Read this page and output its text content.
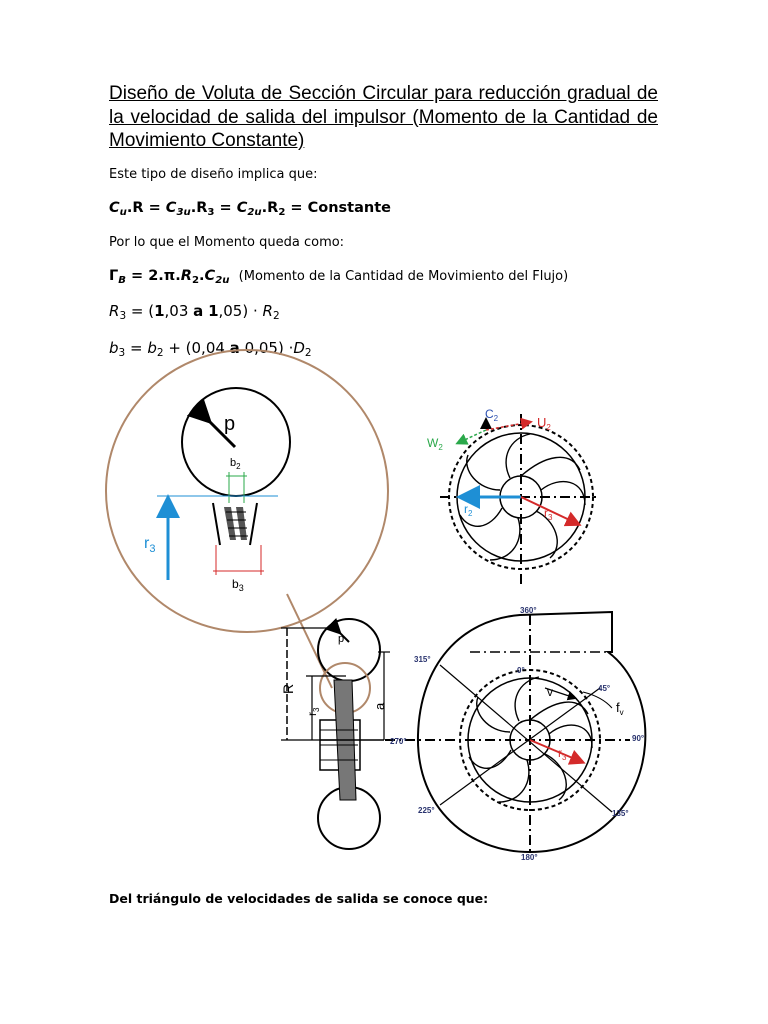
Diseño de Voluta de Sección Circular para reducción gradual de la velocidad de salida del impulsor (Momento de la Cantidad de Movimiento Constante)

Este tipo de diseño implica que:

$C_u.R = C_{3u}.R_3 = C_{2u}.R_2$ = Constante

Por lo que el Momento queda como:

$\Gamma_B = 2.\pi.R_2.C_{2u}$ (Momento de la Cantidad de Movimiento del Flujo)

$R_3 = (1,03$ a $1,05) \cdot R_2$

$b_3 = b_2 + (0,04$ a $0,05) \cdot D_2$

p
$b_2$
$b_3$
$r_3$
$r_2$	$r_3$
$C_2$	$U_2$
$W_2$
p
R
$r_3$	a
$r_3$
v
$f_v$
360°
315°
0°
45°
270°	90°
225°	135°
180°

Del triángulo de velocidades de salida se conoce que:
